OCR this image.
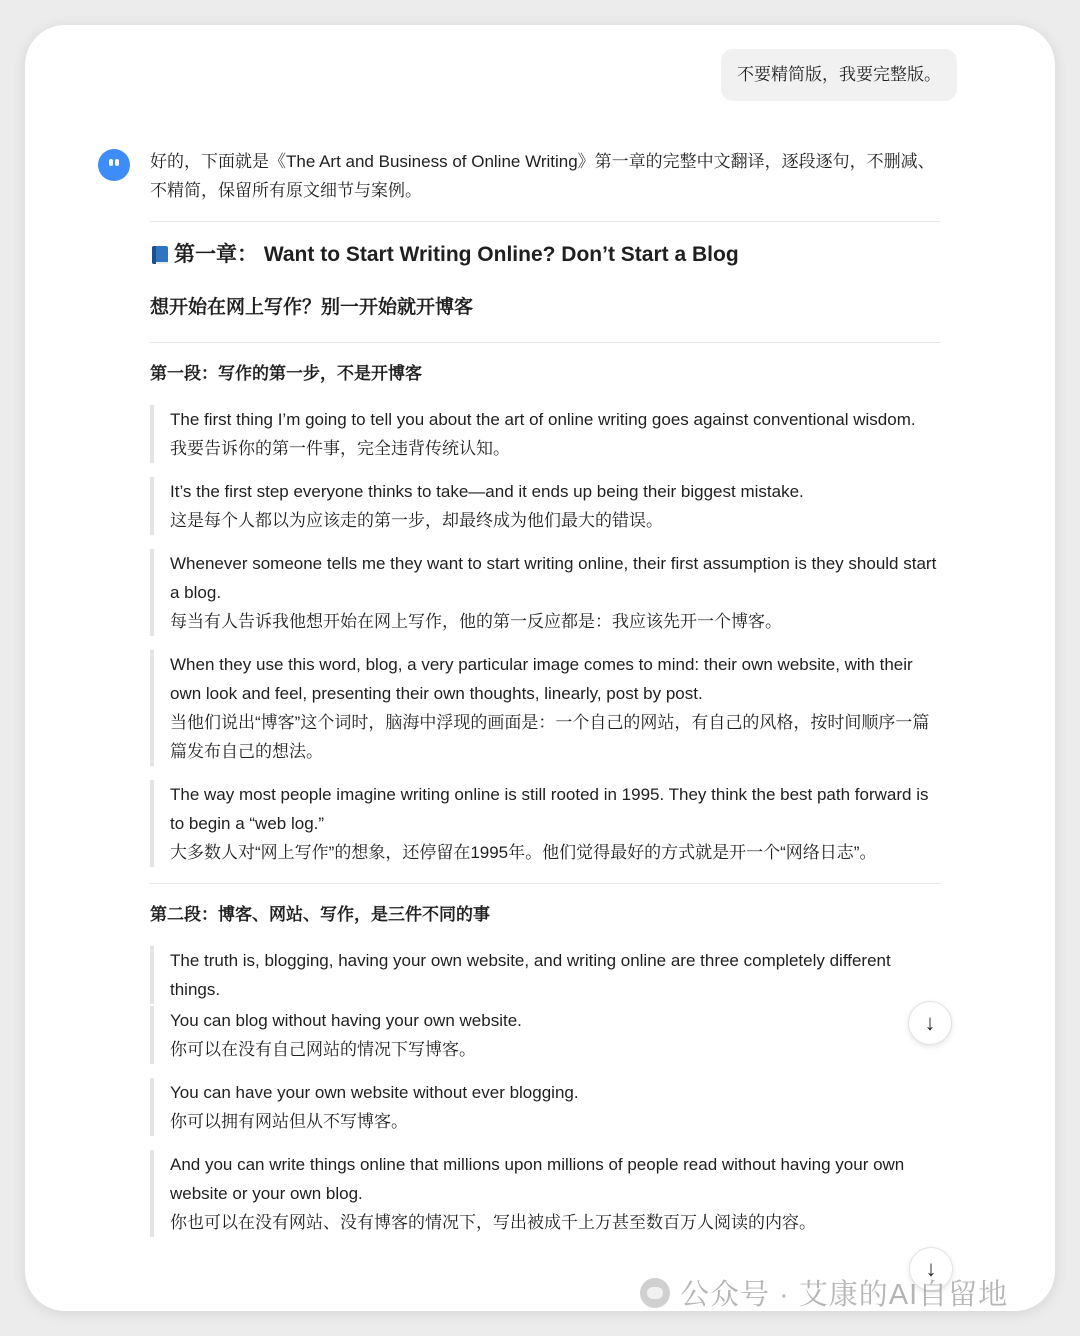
不要精简版，我要完整版。

好的，下面就是《The Art and Business of Online Writing》第一章的完整中文翻译，逐段逐句，不删减、不精简，保留所有原文细节与案例。

第一章： Want to Start Writing Online? Don’t Start a Blog
想开始在网上写作？别一开始就开博客
第一段：写作的第一步，不是开博客

The first thing I’m going to tell you about the art of online writing goes against conventional wisdom.

我要告诉你的第一件事，完全违背传统认知。

It’s the first step everyone thinks to take—and it ends up being their biggest mistake.

这是每个人都以为应该走的第一步，却最终成为他们最大的错误。

Whenever someone tells me they want to start writing online, their first assumption is they should start a blog.

每当有人告诉我他想开始在网上写作，他的第一反应都是：我应该先开一个博客。

When they use this word, blog, a very particular image comes to mind: their own website, with their own look and feel, presenting their own thoughts, linearly, post by post.

当他们说出“博客”这个词时，脑海中浮现的画面是：一个自己的网站，有自己的风格，按时间顺序一篇篇发布自己的想法。

The way most people imagine writing online is still rooted in 1995. They think the best path forward is to begin a “web log.”

大多数人对“网上写作”的想象，还停留在1995年。他们觉得最好的方式就是开一个“网络日志”。

第二段：博客、网站、写作，是三件不同的事

The truth is, blogging, having your own website, and writing online are three completely different things.

You can blog without having your own website.

你可以在没有自己网站的情况下写博客。

You can have your own website without ever blogging.

你可以拥有网站但从不写博客。

And you can write things online that millions upon millions of people read without having your own website or your own blog.

你也可以在没有网站、没有博客的情况下，写出被成千上万甚至数百万人阅读的内容。

↓
↓
公众号 · 艾康的AI自留地
